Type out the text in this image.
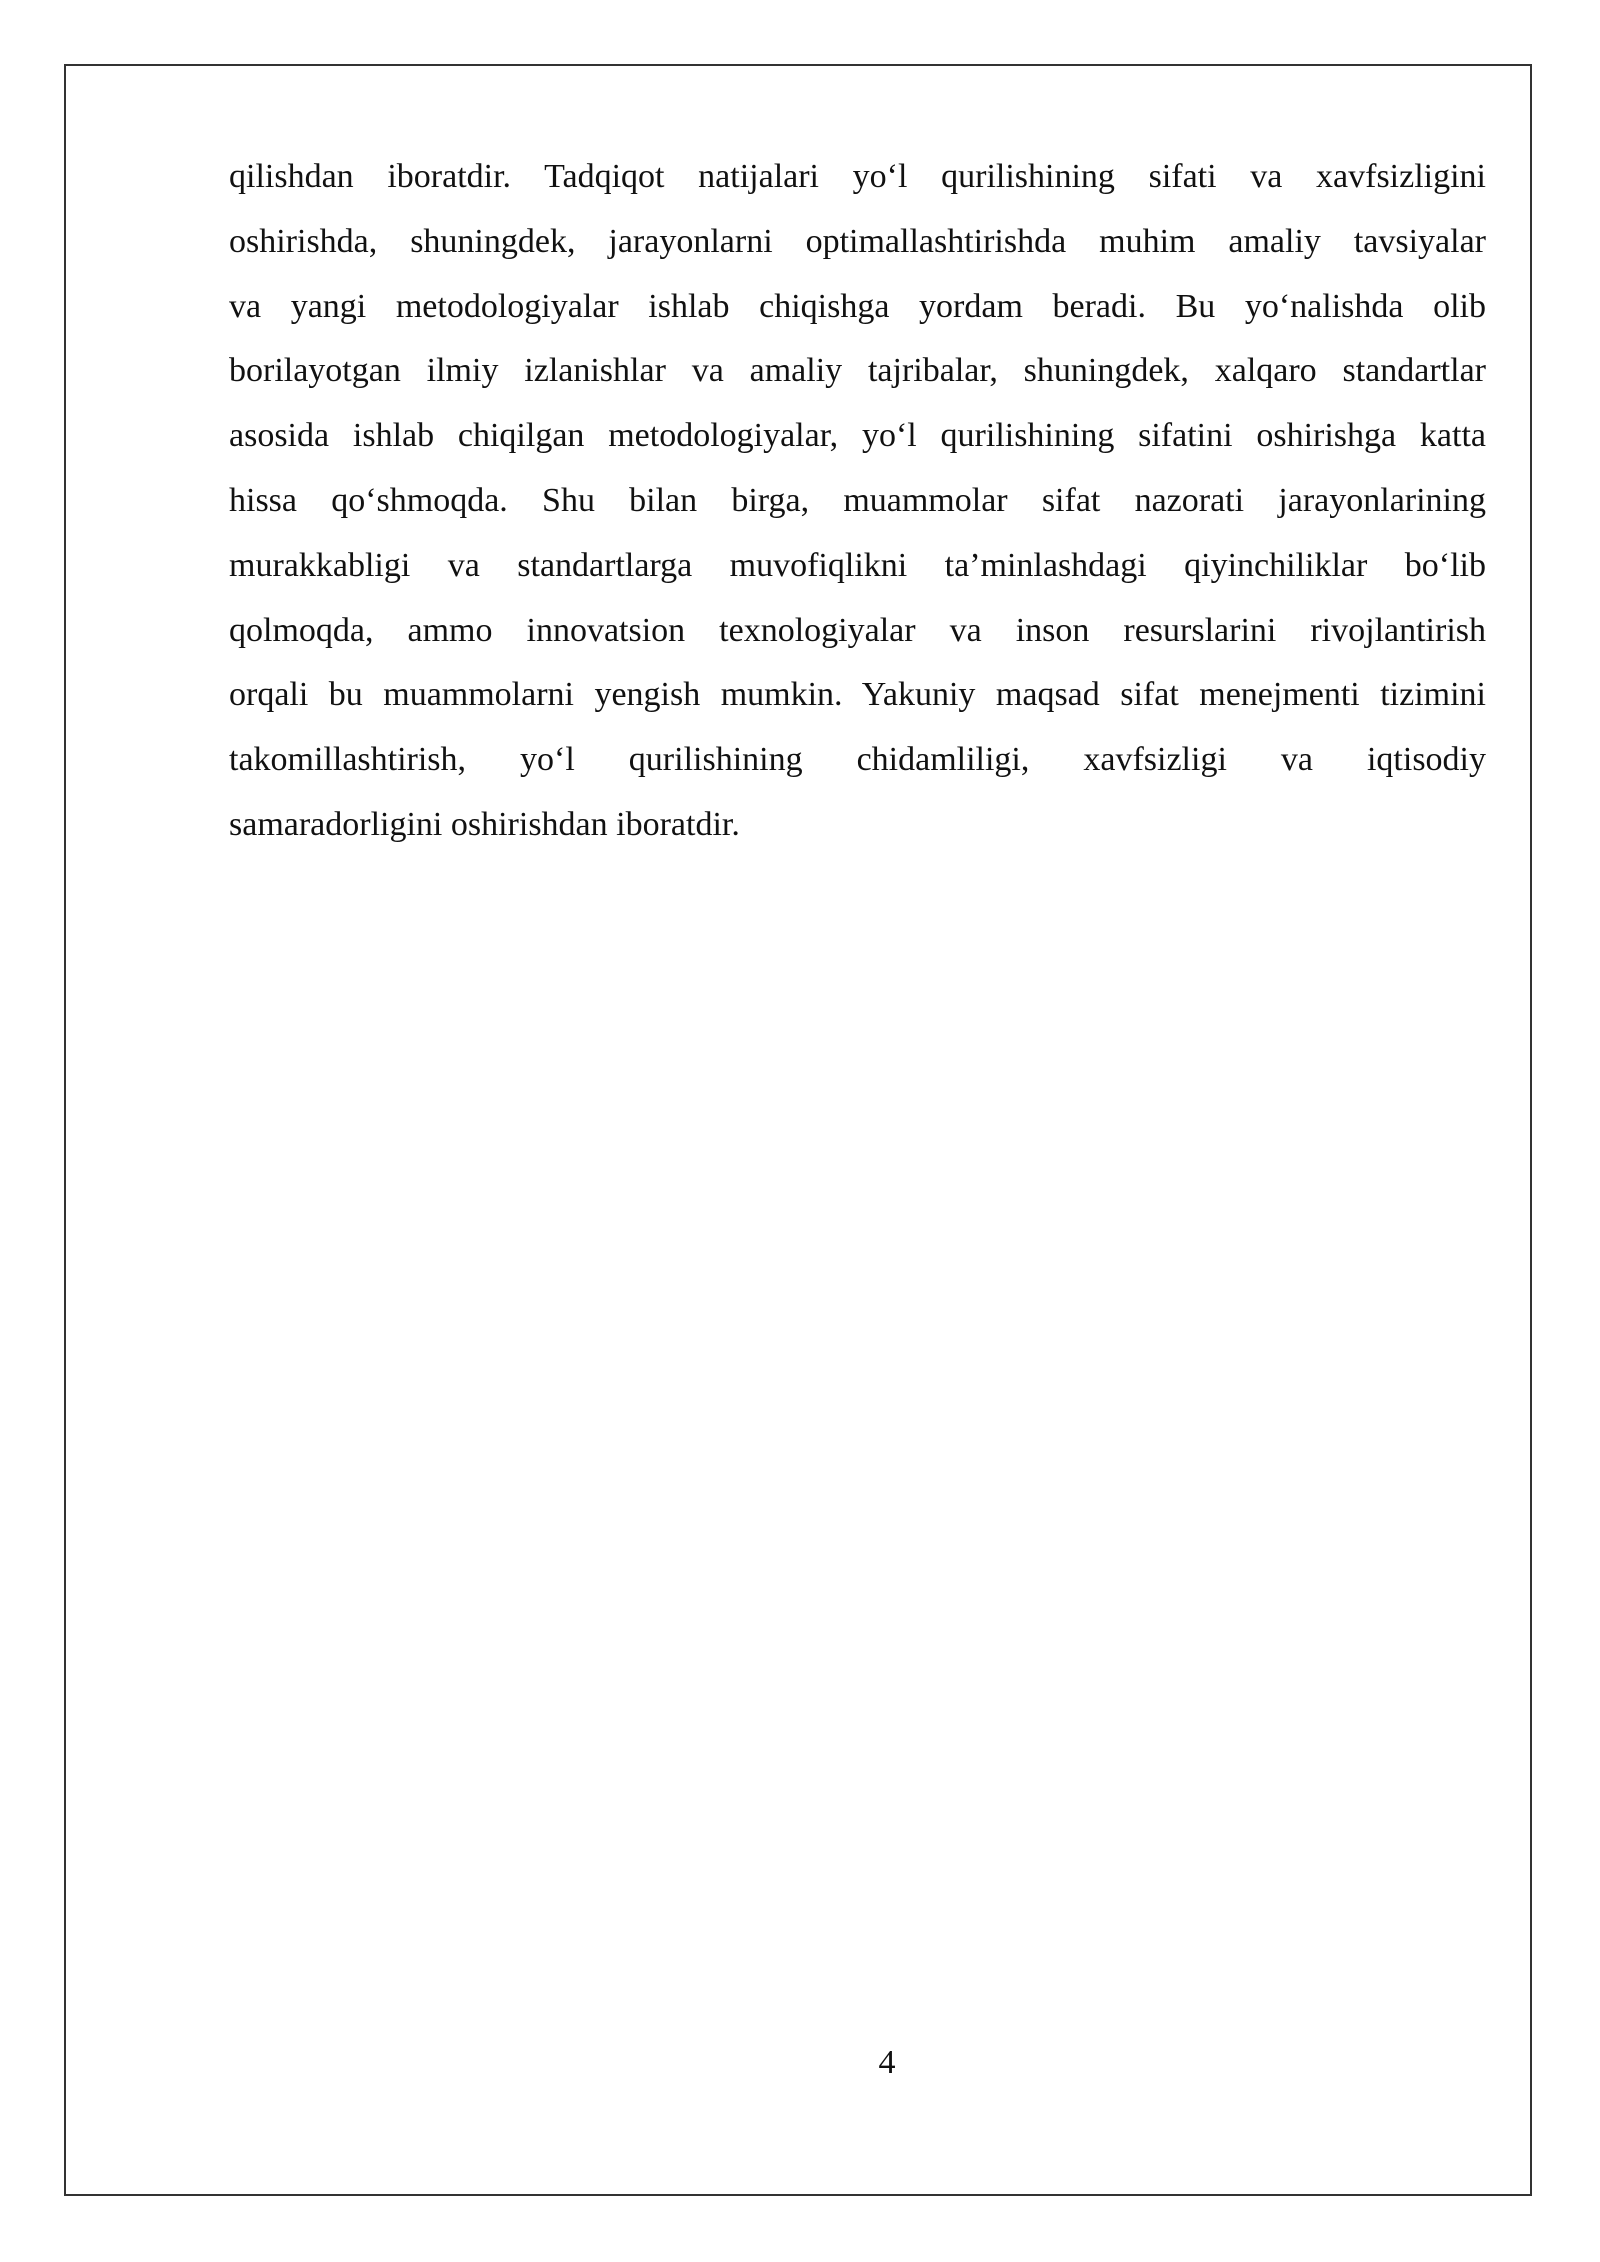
qilishdan iboratdir. Tadqiqot natijalari yo‘l qurilishining sifati va xavfsizligini
oshirishda, shuningdek, jarayonlarni optimallashtirishda muhim amaliy tavsiyalar
va yangi metodologiyalar ishlab chiqishga yordam beradi. Bu yo‘nalishda olib
borilayotgan ilmiy izlanishlar va amaliy tajribalar, shuningdek, xalqaro standartlar
asosida ishlab chiqilgan metodologiyalar, yo‘l qurilishining sifatini oshirishga katta
hissa qo‘shmoqda. Shu bilan birga, muammolar sifat nazorati jarayonlarining
murakkabligi va standartlarga muvofiqlikni ta’minlashdagi qiyinchiliklar bo‘lib
qolmoqda, ammo innovatsion texnologiyalar va inson resurslarini rivojlantirish
orqali bu muammolarni yengish mumkin. Yakuniy maqsad sifat menejmenti tizimini
takomillashtirish, yo‘l qurilishining chidamliligi, xavfsizligi va iqtisodiy
samaradorligini oshirishdan iboratdir.
4
